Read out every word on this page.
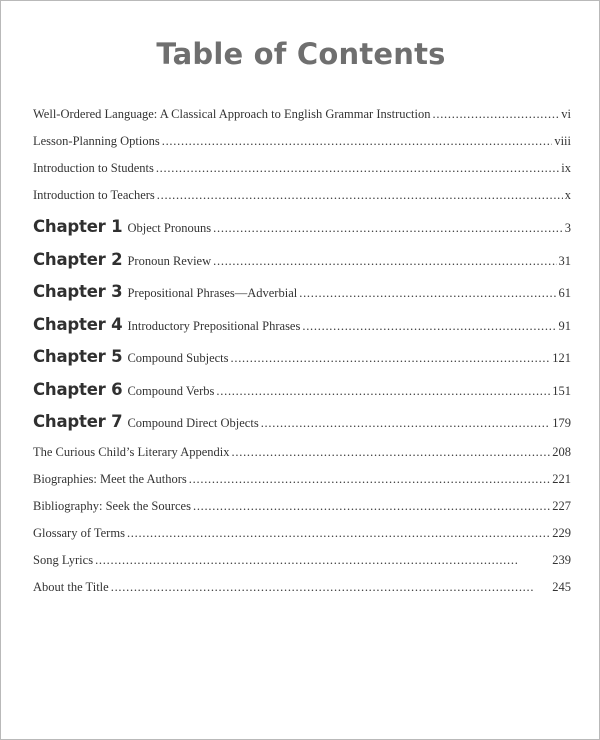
Table of Contents
Well-Ordered Language: A Classical Approach to English Grammar Instruction . . .	vi
Lesson-Planning Options . . .	viii
Introduction to Students . . .	ix
Introduction to Teachers . . .	x
Chapter 1 Object Pronouns . . .	3
Chapter 2 Pronoun Review . . .	31
Chapter 3 Prepositional Phrases—Adverbial . . .	61
Chapter 4 Introductory Prepositional Phrases . . .	91
Chapter 5 Compound Subjects . . .	121
Chapter 6 Compound Verbs . . .	151
Chapter 7 Compound Direct Objects . . .	179
The Curious Child’s Literary Appendix . . .	208
Biographies: Meet the Authors . . .	221
Bibliography: Seek the Sources . . .	227
Glossary of Terms . . .	229
Song Lyrics . . .	239
About the Title . . .	245
